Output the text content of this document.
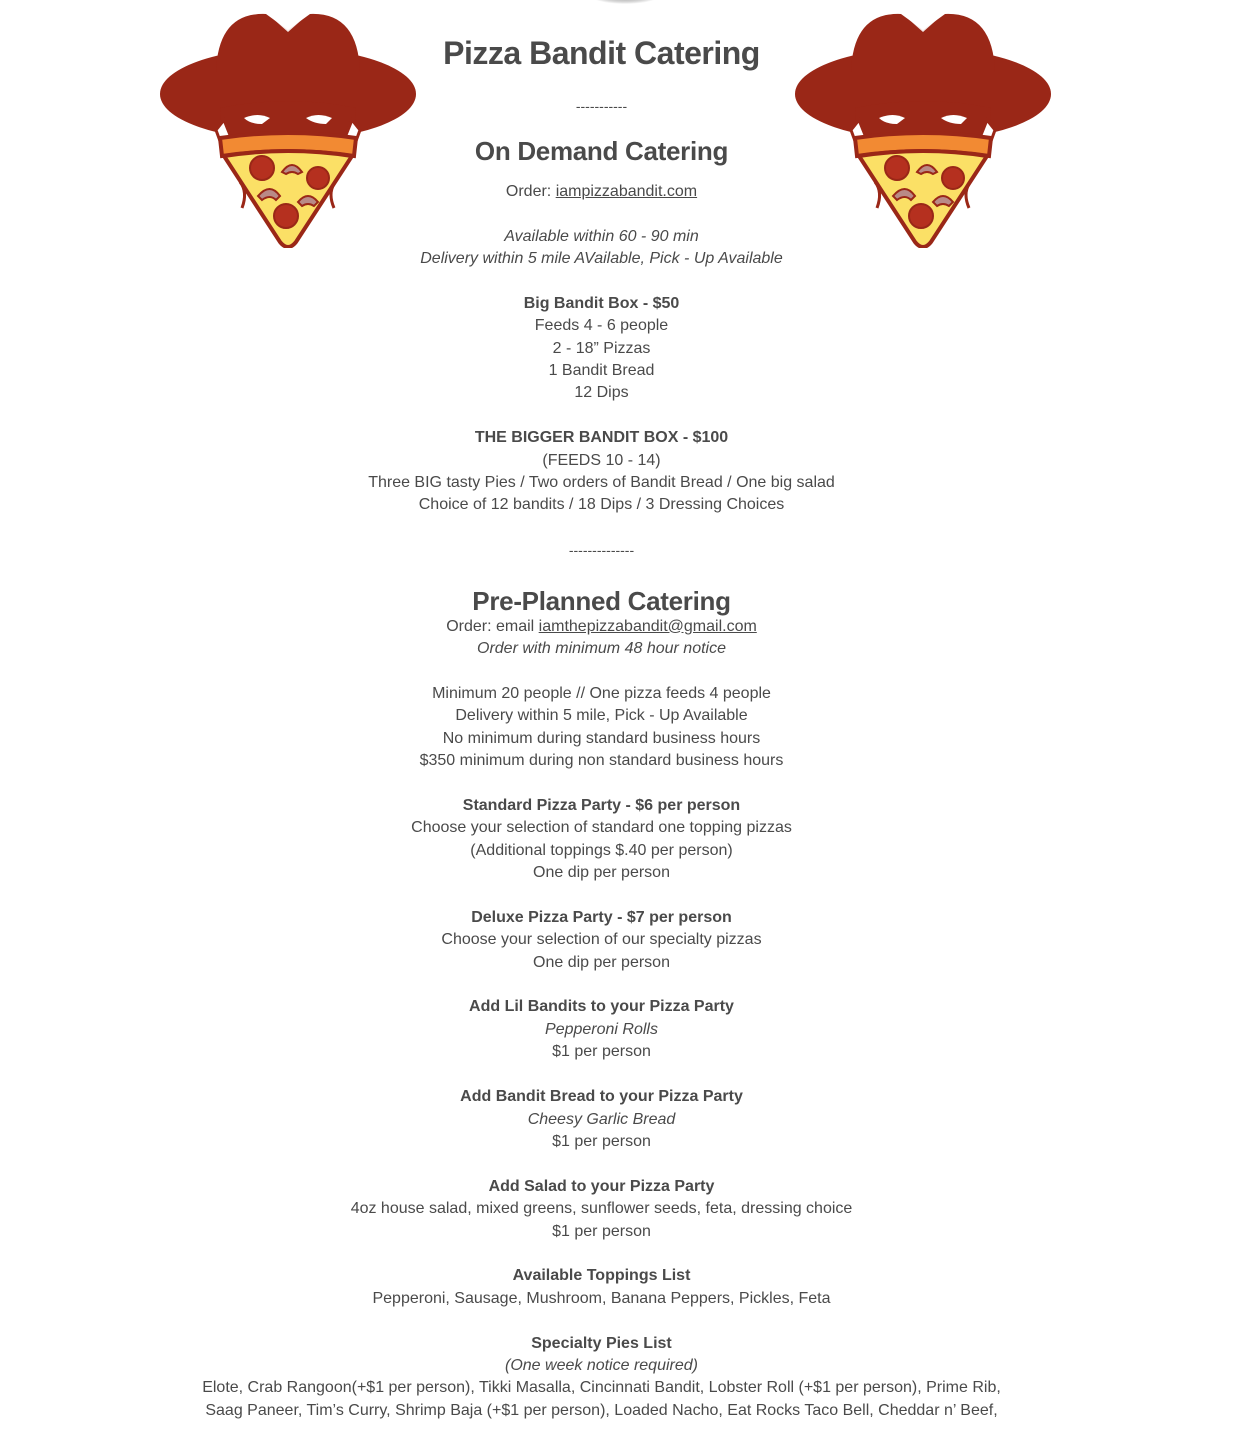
Pizza Bandit Catering
-----------
On Demand Catering
Order: iampizzabandit.com
Available within 60 - 90 min
Delivery within 5 mile AVailable, Pick - Up Available
Big Bandit Box - $50
Feeds 4 - 6 people
2 - 18” Pizzas
1 Bandit Bread
12 Dips
THE BIGGER BANDIT BOX - $100
(FEEDS 10 - 14)
Three BIG tasty Pies / Two orders of Bandit Bread / One big salad
Choice of 12 bandits / 18 Dips / 3 Dressing Choices
--------------
Pre-Planned Catering
Order: email iamthepizzabandit@gmail.com
Order with minimum 48 hour notice
Minimum 20 people // One pizza feeds 4 people
Delivery within 5 mile, Pick - Up Available
No minimum during standard business hours
$350 minimum during non standard business hours
Standard Pizza Party - $6 per person
Choose your selection of standard one topping pizzas
(Additional toppings $.40 per person)
One dip per person
Deluxe Pizza Party - $7 per person
Choose your selection of our specialty pizzas
One dip per person
Add Lil Bandits to your Pizza Party
Pepperoni Rolls
$1 per person
Add Bandit Bread to your Pizza Party
Cheesy Garlic Bread
$1 per person
Add Salad to your Pizza Party
4oz house salad, mixed greens, sunflower seeds, feta, dressing choice
$1 per person
Available Toppings List
Pepperoni, Sausage, Mushroom, Banana Peppers, Pickles, Feta
Specialty Pies List
(One week notice required)
Elote, Crab Rangoon(+$1 per person), Tikki Masalla, Cincinnati Bandit, Lobster Roll (+$1 per person), Prime Rib,
Saag Paneer, Tim’s Curry, Shrimp Baja (+$1 per person), Loaded Nacho, Eat Rocks Taco Bell, Cheddar n’ Beef,
